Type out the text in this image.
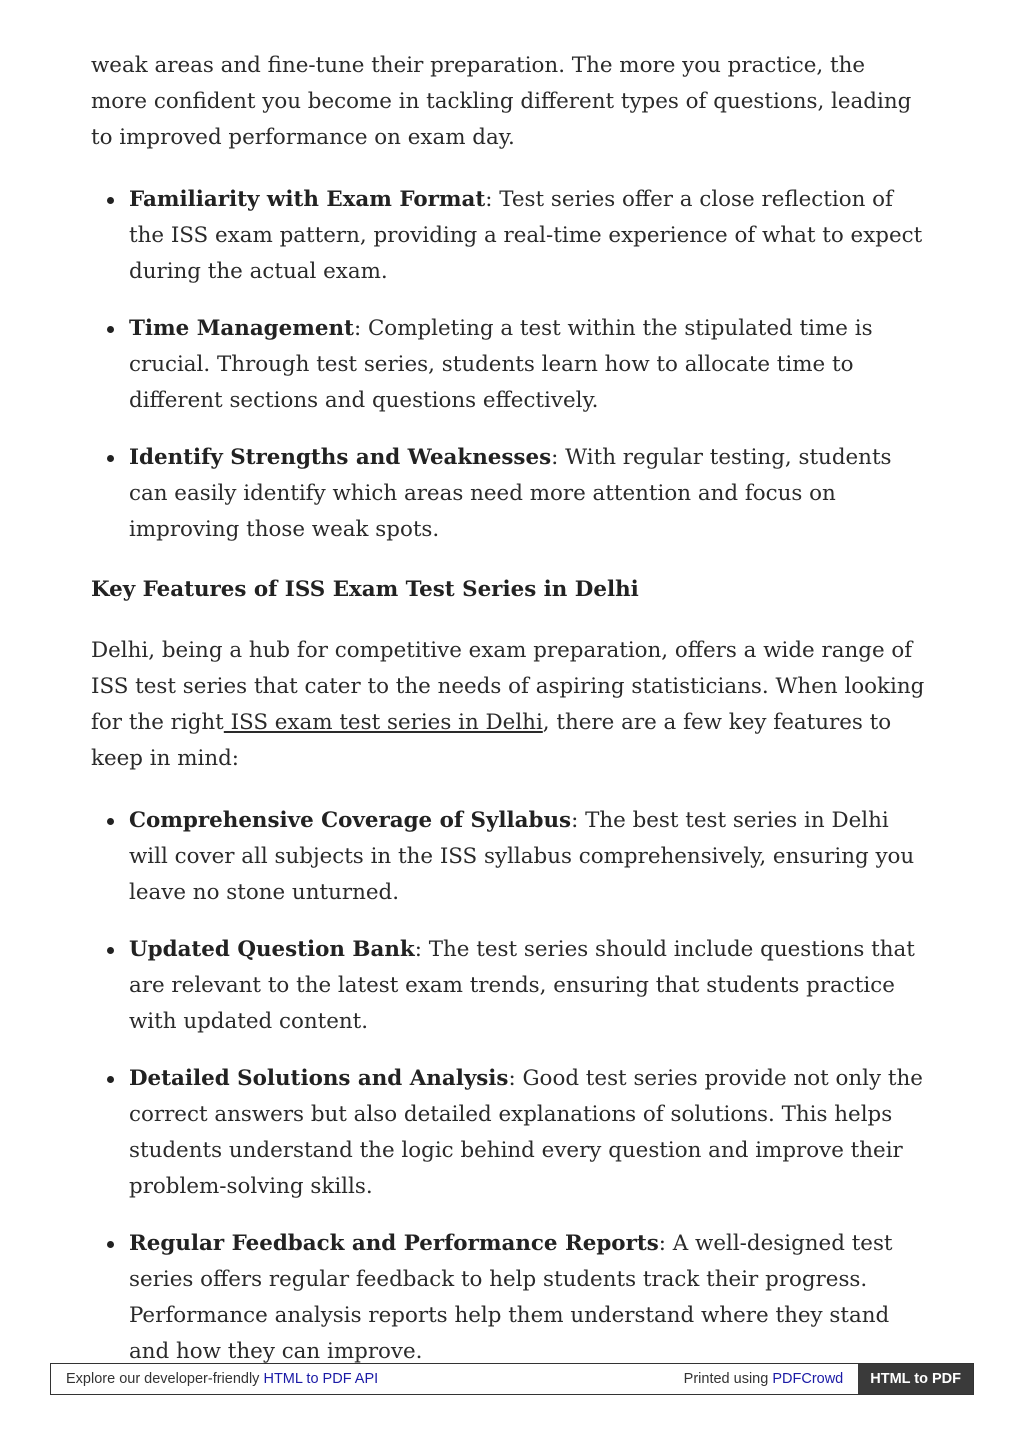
weak areas and fine-tune their preparation. The more you practice, the more confident you become in tackling different types of questions, leading to improved performance on exam day.

Familiarity with Exam Format: Test series offer a close reflection of the ISS exam pattern, providing a real-time experience of what to expect during the actual exam.
Time Management: Completing a test within the stipulated time is crucial. Through test series, students learn how to allocate time to different sections and questions effectively.
Identify Strengths and Weaknesses: With regular testing, students can easily identify which areas need more attention and focus on improving those weak spots.

Key Features of ISS Exam Test Series in Delhi

Delhi, being a hub for competitive exam preparation, offers a wide range of ISS test series that cater to the needs of aspiring statisticians. When looking for the right ISS exam test series in Delhi, there are a few key features to keep in mind:

Comprehensive Coverage of Syllabus: The best test series in Delhi will cover all subjects in the ISS syllabus comprehensively, ensuring you leave no stone unturned.
Updated Question Bank: The test series should include questions that are relevant to the latest exam trends, ensuring that students practice with updated content.
Detailed Solutions and Analysis: Good test series provide not only the correct answers but also detailed explanations of solutions. This helps students understand the logic behind every question and improve their problem-solving skills.
Regular Feedback and Performance Reports: A well-designed test series offers regular feedback to help students track their progress. Performance analysis reports help them understand where they stand and how they can improve.
Explore our developer-friendly HTML to PDF API	Printed using PDFCrowd	HTML to PDF
